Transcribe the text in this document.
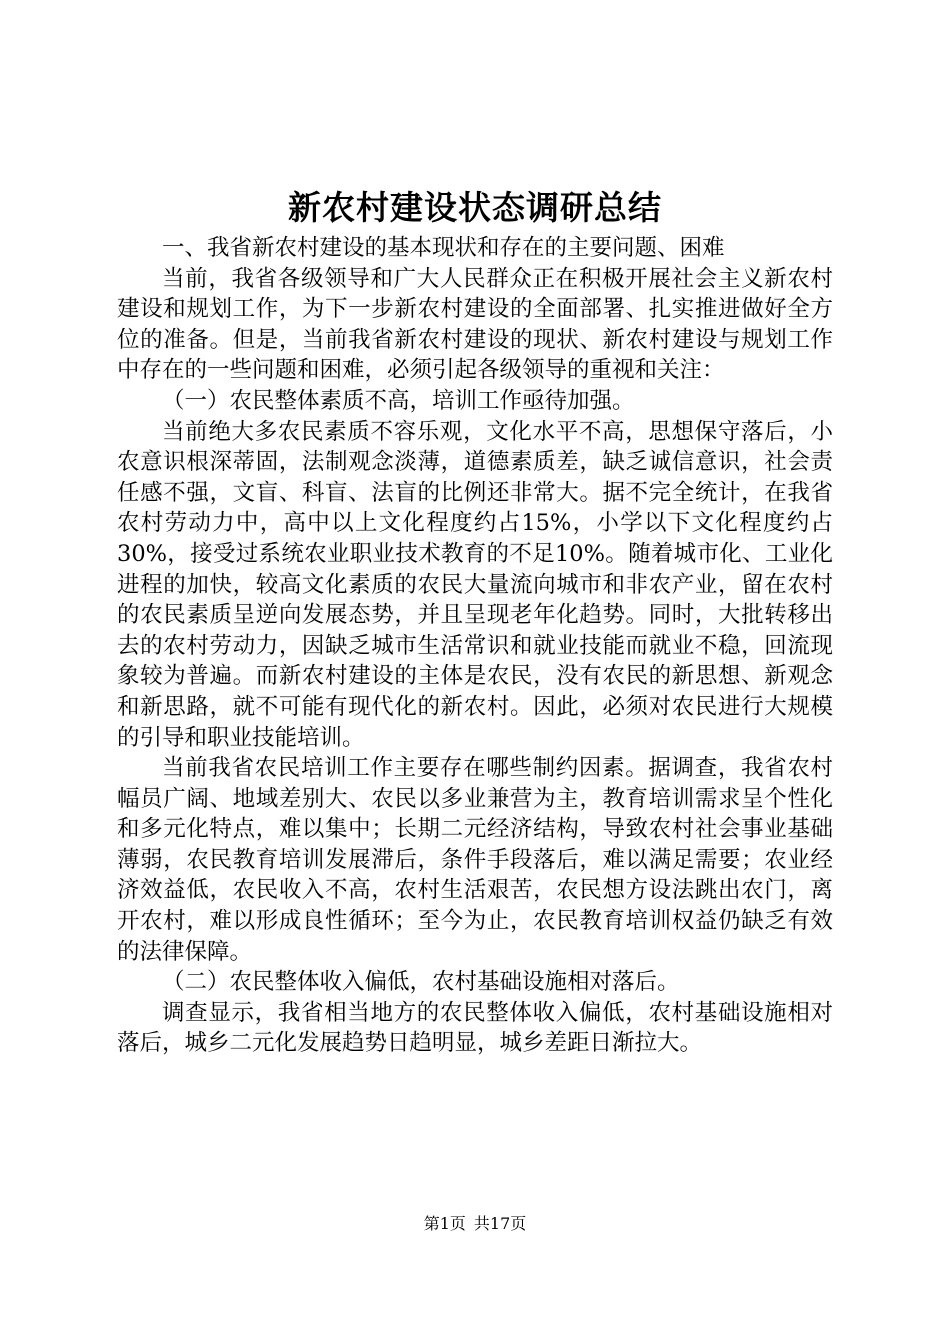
新农村建设状态调研总结

一、我省新农村建设的基本现状和存在的主要问题、困难

当前，我省各级领导和广大人民群众正在积极开展社会主义新农村建设和规划工作，为下一步新农村建设的全面部署、扎实推进做好全方位的准备。但是，当前我省新农村建设的现状、新农村建设与规划工作中存在的一些问题和困难，必须引起各级领导的重视和关注：

（一）农民整体素质不高，培训工作亟待加强。

当前绝大多农民素质不容乐观，文化水平不高，思想保守落后，小农意识根深蒂固，法制观念淡薄，道德素质差，缺乏诚信意识，社会责任感不强，文盲、科盲、法盲的比例还非常大。据不完全统计，在我省农村劳动力中，高中以上文化程度约占15%，小学以下文化程度约占30%，接受过系统农业职业技术教育的不足10%。随着城市化、工业化进程的加快，较高文化素质的农民大量流向城市和非农产业，留在农村的农民素质呈逆向发展态势，并且呈现老年化趋势。同时，大批转移出去的农村劳动力，因缺乏城市生活常识和就业技能而就业不稳，回流现象较为普遍。而新农村建设的主体是农民，没有农民的新思想、新观念和新思路，就不可能有现代化的新农村。因此，必须对农民进行大规模的引导和职业技能培训。

当前我省农民培训工作主要存在哪些制约因素。据调查，我省农村幅员广阔、地域差别大、农民以多业兼营为主，教育培训需求呈个性化和多元化特点，难以集中；长期二元经济结构，导致农村社会事业基础薄弱，农民教育培训发展滞后，条件手段落后，难以满足需要；农业经济效益低，农民收入不高，农村生活艰苦，农民想方设法跳出农门，离开农村，难以形成良性循环；至今为止，农民教育培训权益仍缺乏有效的法律保障。

（二）农民整体收入偏低，农村基础设施相对落后。

调查显示，我省相当地方的农民整体收入偏低，农村基础设施相对落后，城乡二元化发展趋势日趋明显，城乡差距日渐拉大。

第1页 共17页
